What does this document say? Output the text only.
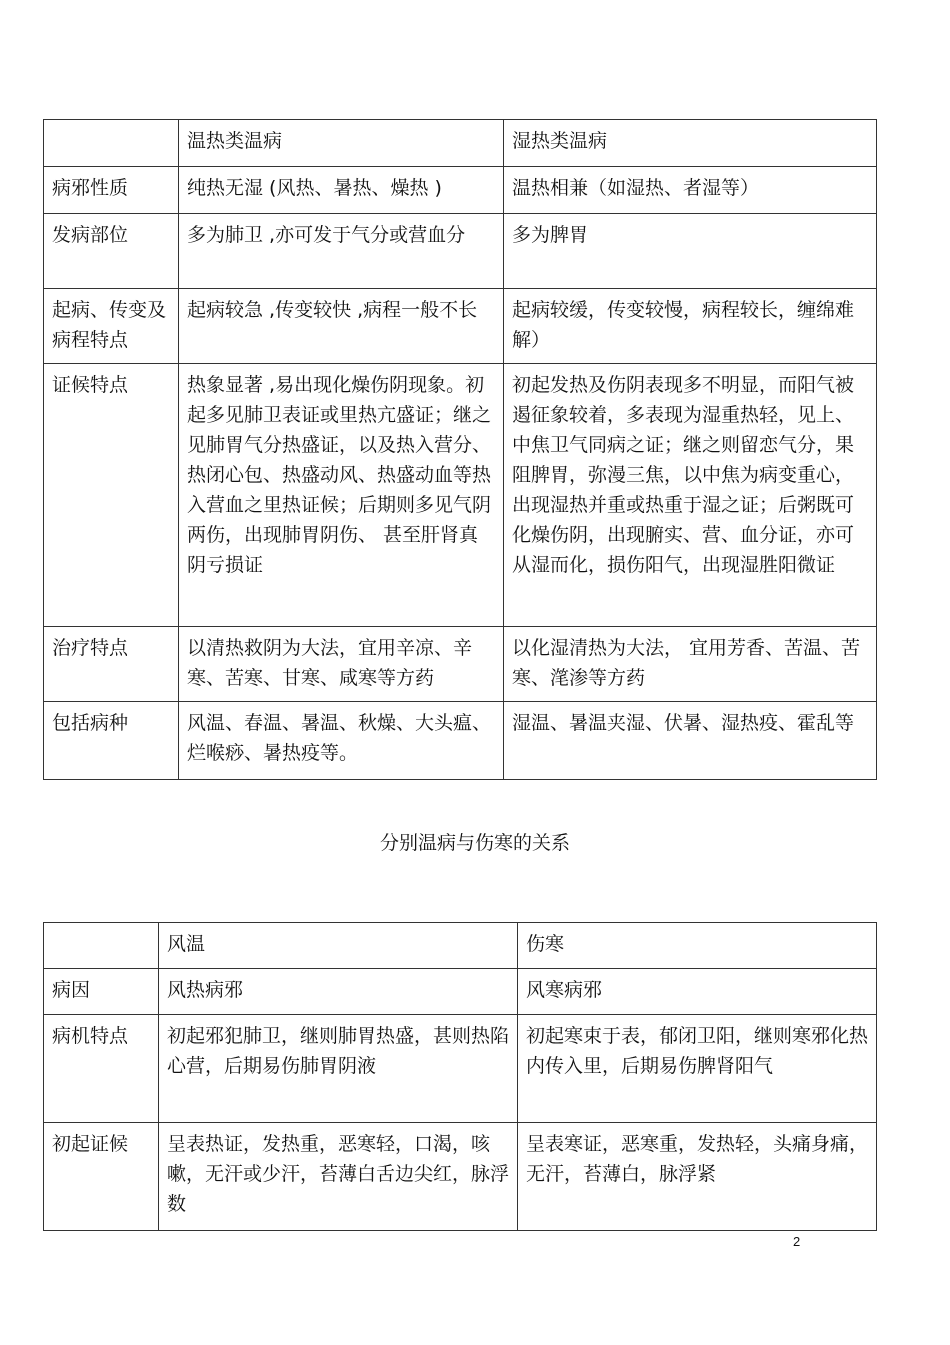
	温热类温病	湿热类温病
病邪性质	纯热无湿 (风热、暑热、燥热 )	温热相兼（如湿热、者湿等）
发病部位	多为肺卫 ,亦可发于气分或营血分	多为脾胃
起病、传变及病程特点	起病较急 ,传变较快 ,病程一般不长	起病较缓，传变较慢，病程较长，缠绵难解）
证候特点	热象显著 ,易出现化燥伤阴现象。初起多见肺卫表证或里热亢盛证；继之见肺胃气分热盛证，以及热入营分、热闭心包、热盛动风、热盛动血等热入营血之里热证候；后期则多见气阴两伤，出现肺胃阴伤、 甚至肝肾真阴亏损证	初起发热及伤阴表现多不明显，而阳气被遏征象较着，多表现为湿重热轻，见上、中焦卫气同病之证；继之则留恋气分，果阻脾胃，弥漫三焦，以中焦为病变重心，出现湿热并重或热重于湿之证；后粥既可化燥伤阴，出现腑实、营、血分证，亦可从湿而化，损伤阳气，出现湿胜阳微证
治疗特点	以清热救阴为大法，宜用辛凉、辛寒、苦寒、甘寒、咸寒等方药	以化湿清热为大法， 宜用芳香、苦温、苦寒、滗渗等方药
包括病种	风温、春温、暑温、秋燥、大头瘟、烂喉痧、暑热疫等。	湿温、暑温夹湿、伏暑、湿热疫、霍乱等
分别温病与伤寒的关系
	风温	伤寒
病因	风热病邪	风寒病邪
病机特点	初起邪犯肺卫，继则肺胃热盛，甚则热陷心营，后期易伤肺胃阴液	初起寒束于表，郁闭卫阳，继则寒邪化热内传入里，后期易伤脾肾阳气
初起证候	呈表热证，发热重，恶寒轻，口渴，咳嗽，无汗或少汗，苔薄白舌边尖红，脉浮数	呈表寒证，恶寒重，发热轻，头痛身痛，无汗，苔薄白，脉浮紧
2
